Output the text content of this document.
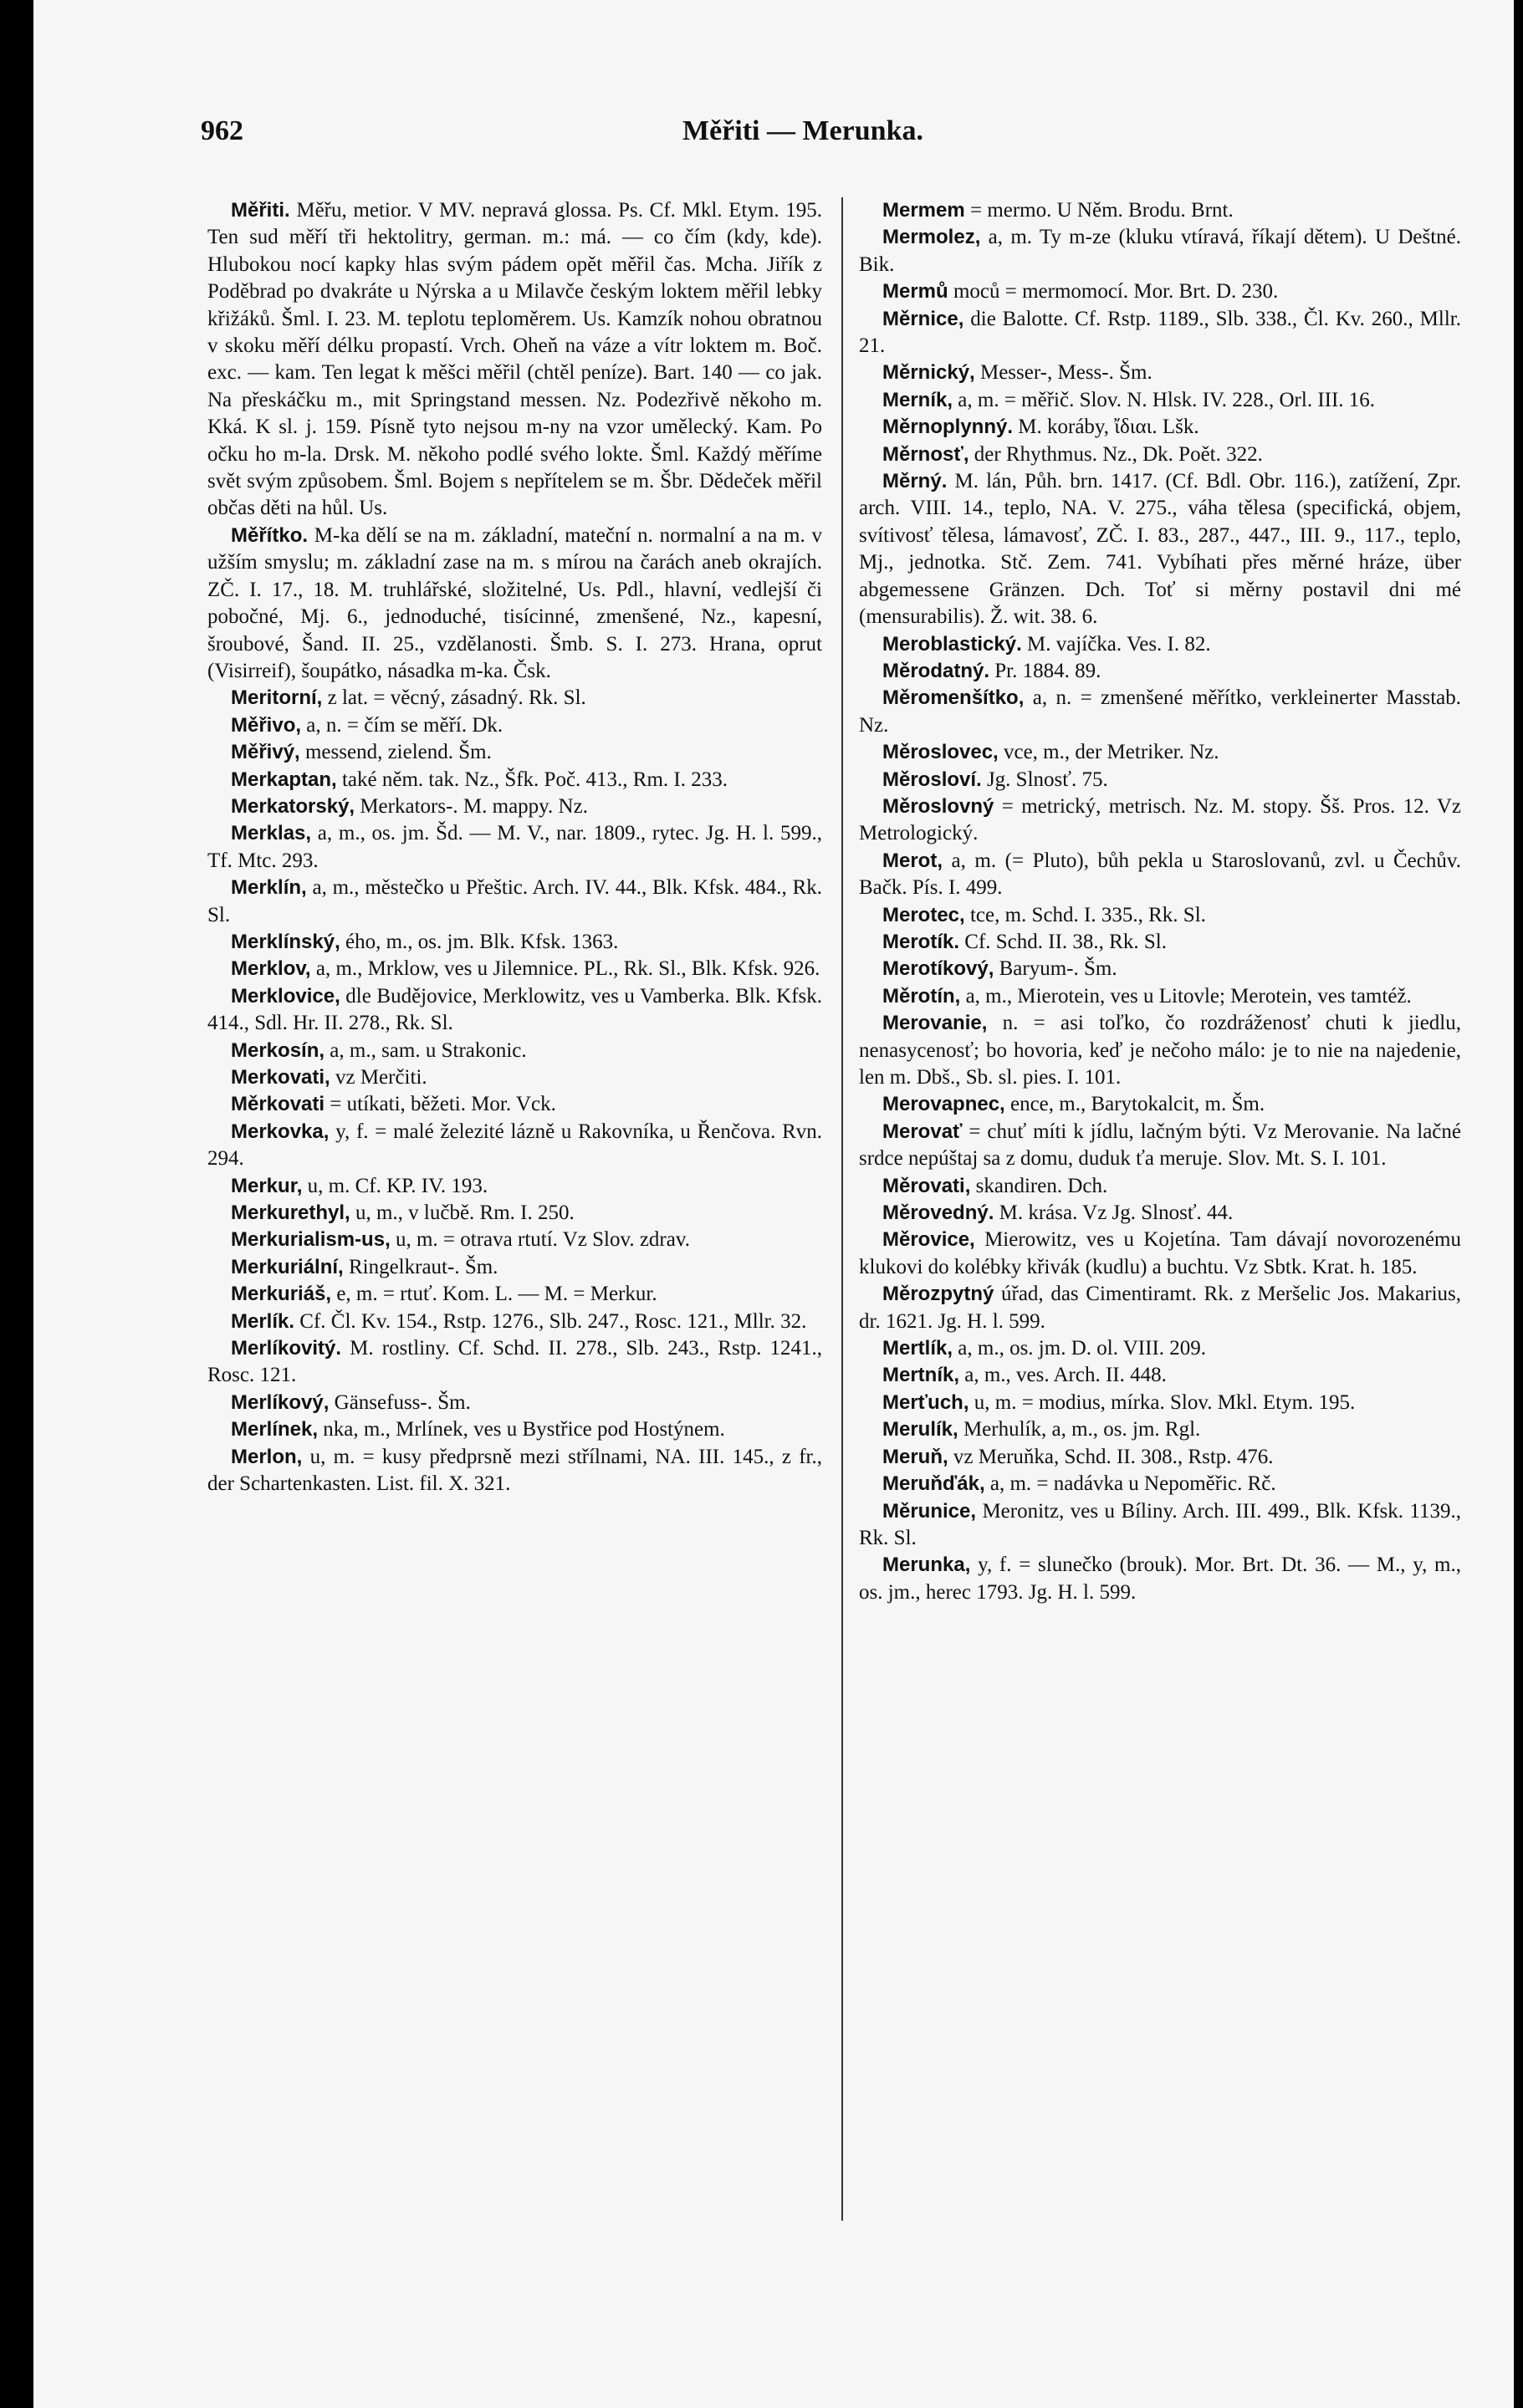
962	Měřiti — Merunka.

Měřiti. Měřu, metior. V MV. nepravá glossa. Ps. Cf. Mkl. Etym. 195. Ten sud měří tři hektolitry, german. m.: má. — co čím (kdy, kde). Hlubokou nocí kapky hlas svým pádem opět měřil čas. Mcha. Jiřík z Poděbrad po dvakráte u Nýrska a u Milavče českým loktem měřil lebky křižáků. Šml. I. 23. M. teplotu teploměrem. Us. Kamzík nohou obratnou v skoku měří délku propastí. Vrch. Oheň na váze a vítr loktem m. Boč. exc. — kam. Ten legat k měšci měřil (chtěl peníze). Bart. 140 — co jak. Na přeskáčku m., mit Springstand messen. Nz. Podezřivě někoho m. Kká. K sl. j. 159. Písně tyto nejsou m-ny na vzor umělecký. Kam. Po očku ho m-la. Drsk. M. někoho podlé svého lokte. Šml. Každý měříme svět svým způsobem. Šml. Bojem s nepřítelem se m. Šbr. Dědeček měřil občas děti na hůl. Us.

Měřítko. M-ka dělí se na m. základní, mateční n. normalní a na m. v užším smyslu; m. základní zase na m. s mírou na čarách aneb okrajích. ZČ. I. 17., 18. M. truhlářské, složitelné, Us. Pdl., hlavní, vedlejší či pobočné, Mj. 6., jednoduché, tisícinné, zmenšené, Nz., kapesní, šroubové, Šand. II. 25., vzdělanosti. Šmb. S. I. 273. Hrana, oprut (Visirreif), šoupátko, násadka m-ka. Čsk.

Meritorní, z lat. = věcný, zásadný. Rk. Sl.

Měřivo, a, n. = čím se měří. Dk.

Měřivý, messend, zielend. Šm.

Merkaptan, také něm. tak. Nz., Šfk. Poč. 413., Rm. I. 233.

Merkatorský, Merkators-. M. mappy. Nz.

Merklas, a, m., os. jm. Šd. — M. V., nar. 1809., rytec. Jg. H. l. 599., Tf. Mtc. 293.

Merklín, a, m., městečko u Přeštic. Arch. IV. 44., Blk. Kfsk. 484., Rk. Sl.

Merklínský, ého, m., os. jm. Blk. Kfsk. 1363.

Merklov, a, m., Mrklow, ves u Jilemnice. PL., Rk. Sl., Blk. Kfsk. 926.

Merklovice, dle Budějovice, Merklowitz, ves u Vamberka. Blk. Kfsk. 414., Sdl. Hr. II. 278., Rk. Sl.

Merkosín, a, m., sam. u Strakonic.

Merkovati, vz Merčiti.

Měrkovati = utíkati, běžeti. Mor. Vck.

Merkovka, y, f. = malé železité lázně u Rakovníka, u Řenčova. Rvn. 294.

Merkur, u, m. Cf. KP. IV. 193.

Merkurethyl, u, m., v lučbě. Rm. I. 250.

Merkurialism-us, u, m. = otrava rtutí. Vz Slov. zdrav.

Merkuriální, Ringelkraut-. Šm.

Merkuriáš, e, m. = rtuť. Kom. L. — M. = Merkur.

Merlík. Cf. Čl. Kv. 154., Rstp. 1276., Slb. 247., Rosc. 121., Mllr. 32.

Merlíkovitý. M. rostliny. Cf. Schd. II. 278., Slb. 243., Rstp. 1241., Rosc. 121.

Merlíkový, Gänsefuss-. Šm.

Merlínek, nka, m., Mrlínek, ves u Bystřice pod Hostýnem.

Merlon, u, m. = kusy předprsně mezi střílnami, NA. III. 145., z fr., der Schartenkasten. List. fil. X. 321.

Mermem = mermo. U Něm. Brodu. Brnt.

Mermolez, a, m. Ty m-ze (kluku vtíravá, říkají dětem). U Deštné. Bik.

Mermů moců = mermomocí. Mor. Brt. D. 230.

Měrnice, die Balotte. Cf. Rstp. 1189., Slb. 338., Čl. Kv. 260., Mllr. 21.

Měrnický, Messer-, Mess-. Šm.

Merník, a, m. = měřič. Slov. N. Hlsk. IV. 228., Orl. III. 16.

Měrnoplynný. M. koráby, ἴδιαι. Lšk.

Měrnosť, der Rhythmus. Nz., Dk. Poět. 322.

Měrný. M. lán, Půh. brn. 1417. (Cf. Bdl. Obr. 116.), zatížení, Zpr. arch. VIII. 14., teplo, NA. V. 275., váha tělesa (specifická, objem, svítivosť tělesa, lámavosť, ZČ. I. 83., 287., 447., III. 9., 117., teplo, Mj., jednotka. Stč. Zem. 741. Vybíhati přes měrné hráze, über abgemessene Gränzen. Dch. Toť si měrny postavil dni mé (mensurabilis). Ž. wit. 38. 6.

Meroblastický. M. vajíčka. Ves. I. 82.

Měrodatný. Pr. 1884. 89.

Měromenšítko, a, n. = zmenšené měřítko, verkleinerter Masstab. Nz.

Měroslovec, vce, m., der Metriker. Nz.

Měrosloví. Jg. Slnosť. 75.

Měroslovný = metrický, metrisch. Nz. M. stopy. Šš. Pros. 12. Vz Metrologický.

Merot, a, m. (= Pluto), bůh pekla u Staroslovanů, zvl. u Čechův. Bačk. Pís. I. 499.

Merotec, tce, m. Schd. I. 335., Rk. Sl.

Merotík. Cf. Schd. II. 38., Rk. Sl.

Merotíkový, Baryum-. Šm.

Měrotín, a, m., Mierotein, ves u Litovle; Merotein, ves tamtéž.

Merovanie, n. = asi toľko, čo rozdráženosť chuti k jiedlu, nenasycenosť; bo hovoria, keď je nečoho málo: je to nie na najedenie, len m. Dbš., Sb. sl. pies. I. 101.

Merovapnec, ence, m., Barytokalcit, m. Šm.

Merovať = chuť míti k jídlu, lačným býti. Vz Merovanie. Na lačné srdce nepúštaj sa z domu, duduk ťa meruje. Slov. Mt. S. I. 101.

Měrovati, skandiren. Dch.

Měrovedný. M. krása. Vz Jg. Slnosť. 44.

Měrovice, Mierowitz, ves u Kojetína. Tam dávají novorozenému klukovi do kolébky křivák (kudlu) a buchtu. Vz Sbtk. Krat. h. 185.

Měrozpytný úřad, das Cimentiramt. Rk. z Meršelic Jos. Makarius, dr. 1621. Jg. H. l. 599.

Mertlík, a, m., os. jm. D. ol. VIII. 209.

Mertník, a, m., ves. Arch. II. 448.

Merťuch, u, m. = modius, mírka. Slov. Mkl. Etym. 195.

Merulík, Merhulík, a, m., os. jm. Rgl.

Meruň, vz Meruňka, Schd. II. 308., Rstp. 476.

Meruňďák, a, m. = nadávka u Nepoměřic. Rč.

Měrunice, Meronitz, ves u Bíliny. Arch. III. 499., Blk. Kfsk. 1139., Rk. Sl.

Merunka, y, f. = slunečko (brouk). Mor. Brt. Dt. 36. — M., y, m., os. jm., herec 1793. Jg. H. l. 599.
